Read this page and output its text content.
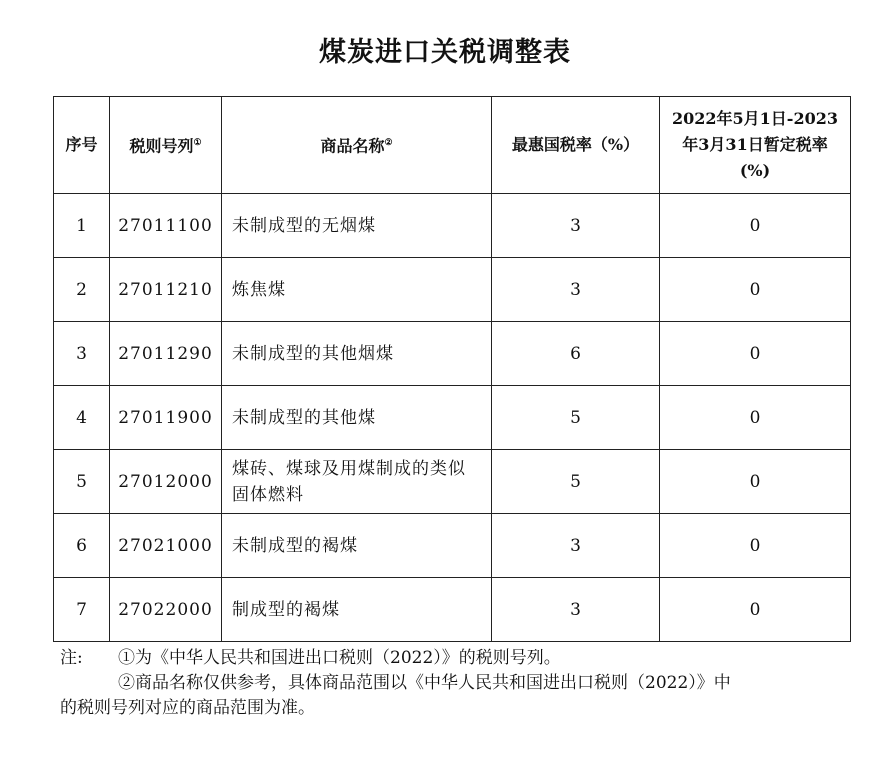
煤炭进口关税调整表
序号	税则号列①	商品名称②	最惠国税率（%）	2022年5月1日-2023
年3月31日暂定税率
(%)

1	27011100	未制成型的无烟煤	3	0
2	27011210	炼焦煤	3	0
3	27011290	未制成型的其他烟煤	6	0
4	27011900	未制成型的其他煤	5	0
5	27012000	煤砖、煤球及用煤制成的类似
固体燃料	5	0
6	27021000	未制成型的褐煤	3	0
7	27022000	制成型的褐煤	3	0
注:	①为《中华人民共和国进出口税则（2022）》的税则号列。
②商品名称仅供参考，具体商品范围以《中华人民共和国进出口税则（2022）》中
的税则号列对应的商品范围为准。
